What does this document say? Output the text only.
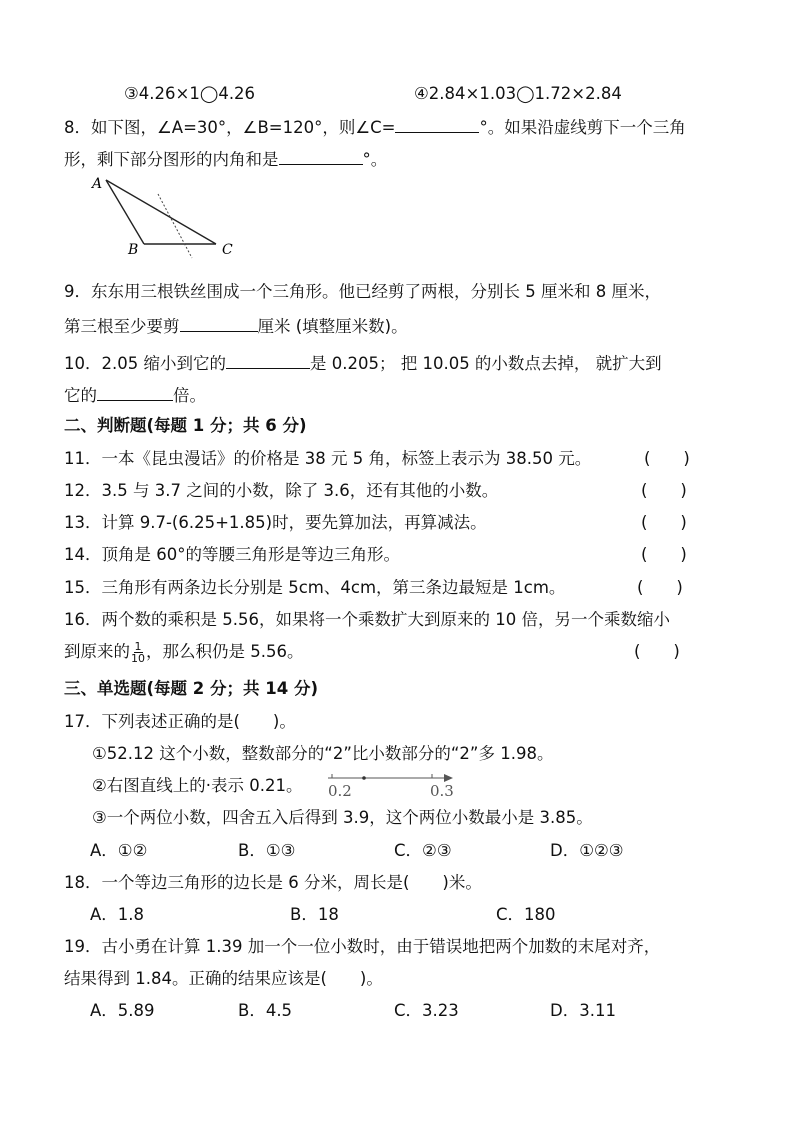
③4.26×1◯4.26	④2.84×1.03◯1.72×2.84
8．如下图，∠A=30°，∠B=120°，则∠C=	°。如果沿虚线剪下一个三角
形，剩下部分图形的内角和是	°。
A
B	C
9．东东用三根铁丝围成一个三角形。他已经剪了两根，分别长 5 厘米和 8 厘米，
第三根至少要剪	厘米 (填整厘米数)。
10．2.05 缩小到它的	是 0.205； 把 10.05 的小数点去掉， 就扩大到
它的	倍。
二、判断题(每题 1 分；共 6 分)
11．一本《昆虫漫话》的价格是 38 元 5 角，标签上表示为 38.50 元。	(　　)
12．3.5 与 3.7 之间的小数，除了 3.6，还有其他的小数。	(　　)
13．计算 9.7-(6.25+1.85)时，要先算加法，再算减法。	(　　)
14．顶角是 60°的等腰三角形是等边三角形。	(　　)
15．三角形有两条边长分别是 5cm、4cm，第三条边最短是 1cm。	(　　)
16．两个数的乘积是 5.56，如果将一个乘数扩大到原来的 10 倍，另一个乘数缩小
到原来的 $\frac{1}{10}$ ，那么积仍是 5.56。	(　　)
三、单选题(每题 2 分；共 14 分)
17．下列表述正确的是(　　)。
①52.12 这个小数，整数部分的“2”比小数部分的“2”多 1.98。
②右图直线上的·表示 0.21。 0.2	0.3
③一个两位小数，四舍五入后得到 3.9，这个两位小数最小是 3.85。
A．①②	B．①③	C．②③	D．①②③
18．一个等边三角形的边长是 6 分米，周长是(　　)米。
A．1.8	B．18	C．180
19．古小勇在计算 1.39 加一个一位小数时，由于错误地把两个加数的末尾对齐，
结果得到 1.84。正确的结果应该是(　　)。
A．5.89	B．4.5	C．3.23	D．3.11
